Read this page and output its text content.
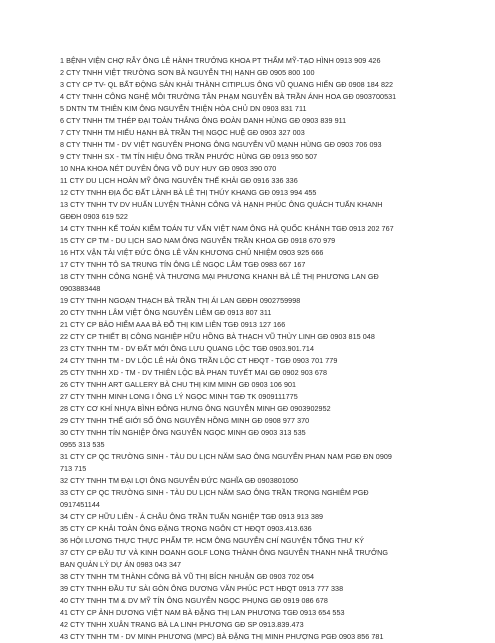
1 BỆNH VIỆN CHỢ RẪY ÔNG LÊ HÀNH TRƯỞNG KHOA PT THẨM MỸ-TẠO HÌNH 0913 909 426
2 CTY TNHH VIỆT TRƯỜNG SƠN BÀ NGUYỄN THỊ HẠNH GĐ 0905 800 100
3 CTY CP TV- QL BẤT ĐỘNG SẢN KHẢI THÀNH CITIPLUS ÔNG VŨ QUANG HIỂN GĐ 0908 184 822
4 CTY TNHH CÔNG NGHỆ MÔI TRƯỜNG TÂN PHẠM NGUYỄN BÀ TRẦN ÁNH HOA GĐ 0903700531
5 DNTN TM THIÊN KIM ÔNG NGUYỄN THIỆN HÒA CHỦ DN 0903 831 711
6 CTY TNHH TM THÉP ĐẠI TOÀN THẮNG ÔNG ĐOÀN DANH HÙNG GĐ 0903 839 911
7 CTY TNHH TM HIẾU HẠNH BÀ TRẦN THỊ NGỌC HUỆ GĐ 0903 327 003
8 CTY TNHH TM - DV VIỆT NGUYÊN PHONG ÔNG NGUYỄN VŨ MẠNH HÙNG GĐ 0903 706 093
9 CTY TNHH SX - TM TÍN HIỆU ÔNG TRẦN PHƯỚC HÙNG GĐ 0913 950 507
10 NHA KHOA NÉT DUYÊN ÔNG VÕ DUY HUY GĐ 0903 390 070
11 CTY DU LỊCH HOÀN MỸ ÔNG NGUYỄN THẾ KHẢI GĐ 0916 336 336
12 CTY TNHH ĐỊA ỐC ĐẤT LÀNH BÀ LÊ THỊ THÚY KHANG GĐ 0913 994 455
13 CTY TNHH TV DV HUẤN LUYỆN THÀNH CÔNG VÀ HẠNH PHÚC ÔNG QUÁCH TUẤN KHANH
GĐĐH 0903 619 522
14 CTY TNHH KẾ TOÁN KIỂM TOÁN TƯ VẤN VIỆT NAM ÔNG HÀ QUỐC KHÁNH TGĐ 0913 202 767
15 CTY CP TM - DU LỊCH SAO NAM ÔNG NGUYỄN TRẦN KHOA GĐ 0918 670 979
16 HTX VẬN TẢI VIỆT ĐỨC ÔNG LÊ VĂN KHƯƠNG CHỦ NHIỆM 0903 925 666
17 CTY TNHH TÔ SA TRUNG TÍN ÔNG LÊ NGỌC LÂM TGĐ 0983 667 167
18 CTY TNHH CÔNG NGHỆ VÀ THƯƠNG MẠI PHƯƠNG KHANH BÀ LÊ THỊ PHƯƠNG LAN GĐ
0903883448
19 CTY TNHH NGOẠN THẠCH BÀ TRẦN THỊ ÁI LAN GĐĐH 0902759998
20 CTY TNHH LÂM VIỆT ÔNG NGUYỄN LIÊM GĐ 0913 807 311
21 CTY CP BẢO HIỂM AAA BÀ ĐỖ THỊ KIM LIÊN TGĐ 0913 127 166
22 CTY CP THIẾT BỊ CÔNG NGHIỆP HỮU HỒNG BÀ THẠCH VŨ THÙY LINH GĐ 0903 815 048
23 CTY TNHH TM - DV ĐẤT MỚI ÔNG LƯU QUANG LỘC TGĐ 0903.901.714
24 CTY TNHH TM - DV LỘC LÊ HẢI ÔNG TRẦN LỘC CT HĐQT - TGĐ 0903 701 779
25 CTY TNHH XD - TM - DV THIÊN LỘC BÀ PHAN TUYẾT MAI GĐ 0902 903 678
26 CTY TNHH ART GALLERY BÀ CHU THỊ KIM MINH GĐ 0903 106 901
27 CTY TNHH MINH LONG I ÔNG LÝ NGỌC MINH TGĐ TK 0909111775
28 CTY CƠ KHÍ NHỰA BÌNH ĐÔNG HƯNG ÔNG NGUYỄN MINH GĐ 0903902952
29 CTY TNHH THẾ GIỚI SỐ ÔNG NGUYỄN HỒNG MINH GĐ 0908 977 370
30 CTY TNHH TÍN NGHIỆP ÔNG NGUYỄN NGỌC MINH GĐ 0903 313 535
0955 313 535
31 CTY CP QC TRƯỜNG SINH - TÀU DU LỊCH NĂM SAO ÔNG NGUYỄN PHAN NAM PGĐ ĐN 0909
713 715
32 CTY TNHH TM ĐẠI LỢI ÔNG NGUYỄN ĐỨC NGHĨA GĐ 0903801050
33 CTY CP QC TRƯỜNG SINH - TÀU DU LỊCH NĂM SAO ÔNG TRẦN TRỌNG NGHIÊM PGĐ
0917451144
34 CTY CP HỮU LIÊN - Á CHÂU ÔNG TRẦN TUẤN NGHIỆP TGĐ 0913 913 389
35 CTY CP KHẢI TOÀN ÔNG ĐẶNG TRỌNG NGÔN CT HĐQT 0903.413.636
36 HỘI LƯƠNG THỰC THỰC PHẨM TP. HCM ÔNG NGUYỄN CHÍ NGUYỆN TỔNG THƯ KÝ
37 CTY CP ĐẦU TƯ VÀ KINH DOANH GOLF LONG THÀNH ÔNG NGUYỄN THANH NHÃ TRƯỞNG
BAN QUẢN LÝ DỰ ÁN 0983 043 347
38 CTY TNHH TM THÀNH CÔNG BÀ VŨ THỊ BÍCH NHUẬN GĐ 0903 702 054
39 CTY TNHH ĐẦU TƯ SÀI GÒN ÔNG DƯƠNG VĂN PHÚC PCT HĐQT 0913 777 338
40 CTY TNHH TM & DV MỸ TÍN ÔNG NGUYỄN NGỌC PHỤNG GĐ 0919 086 678
41 CTY CP ẢNH DƯƠNG VIỆT NAM BÀ ĐẶNG THỊ LAN PHƯƠNG TGĐ 0913 654 553
42 CTY TNHH XUÂN TRANG BÀ LA LINH PHƯƠNG GĐ SP 0913.839.473
43 CTY TNHH TM - DV MINH PHƯƠNG (MPC) BÀ ĐẶNG THỊ MINH PHƯỢNG PGĐ 0903 856 781
